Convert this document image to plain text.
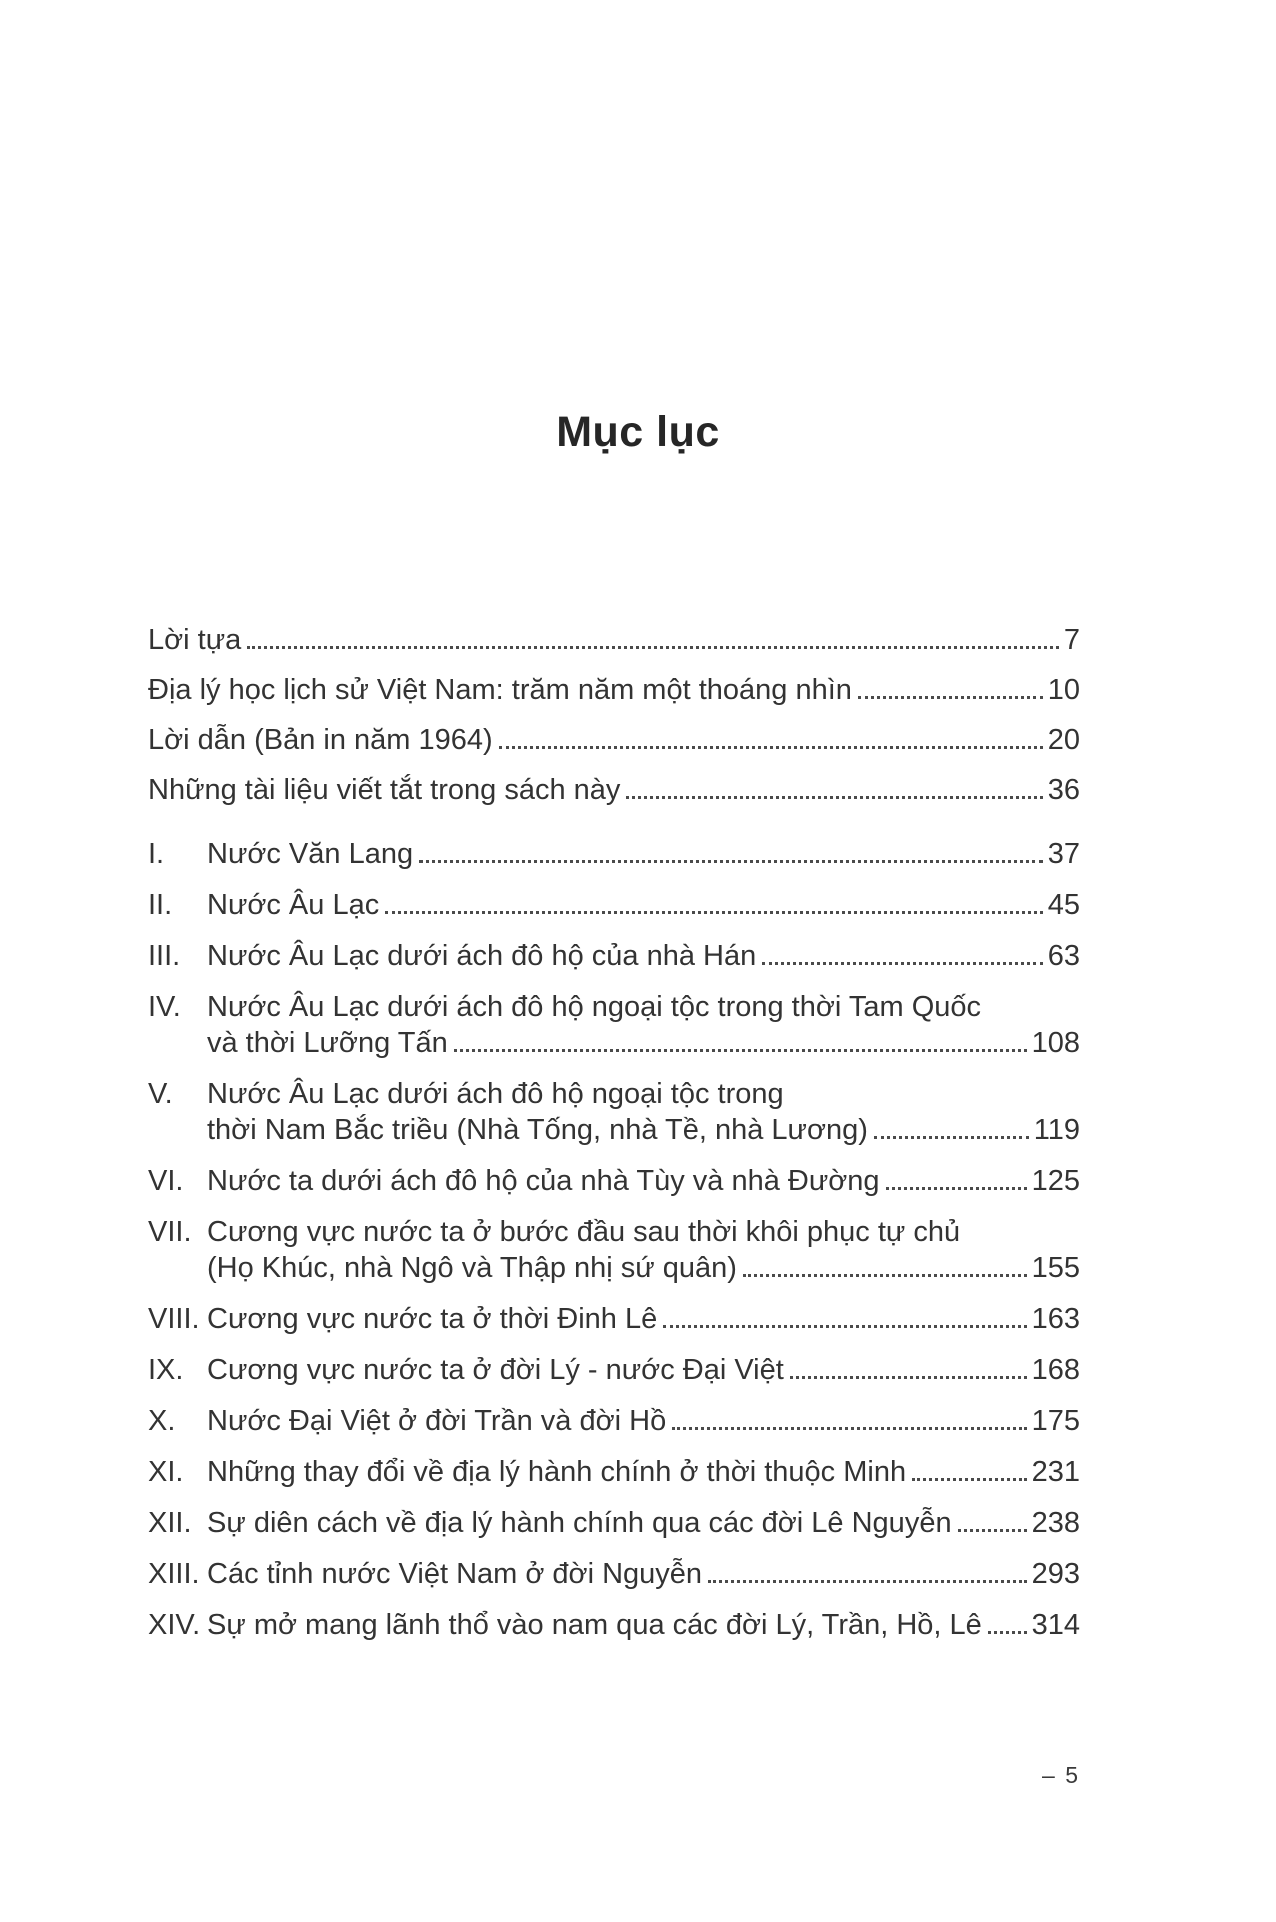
Mục lục
Lời tựa	7
Địa lý học lịch sử Việt Nam: trăm năm một thoáng nhìn	10
Lời dẫn (Bản in năm 1964)	20
Những tài liệu viết tắt trong sách này	36
I.	Nước Văn Lang	37
II.	Nước Âu Lạc	45
III. Nước Âu Lạc dưới ách đô hộ của nhà Hán	63
IV. Nước Âu Lạc dưới ách đô hộ ngoại tộc trong thời Tam Quốc
và thời Lưỡng Tấn	108
V.	Nước Âu Lạc dưới ách đô hộ ngoại tộc trong
thời Nam Bắc triều (Nhà Tống, nhà Tề, nhà Lương)	119
VI. Nước ta dưới ách đô hộ của nhà Tùy và nhà Đường	125
VII. Cương vực nước ta ở bước đầu sau thời khôi phục tự chủ
(Họ Khúc, nhà Ngô và Thập nhị sứ quân)	155
VIII. Cương vực nước ta ở thời Đinh Lê	163
IX. Cương vực nước ta ở đời Lý - nước Đại Việt	168
X.	Nước Đại Việt ở đời Trần và đời Hồ	175
XI. Những thay đổi về địa lý hành chính ở thời thuộc Minh	231
XII. Sự diên cách về địa lý hành chính qua các đời Lê Nguyễn	238
XIII. Các tỉnh nước Việt Nam ở đời Nguyễn	293
XIV. Sự mở mang lãnh thổ vào nam qua các đời Lý, Trần, Hồ, Lê 314
– 5
